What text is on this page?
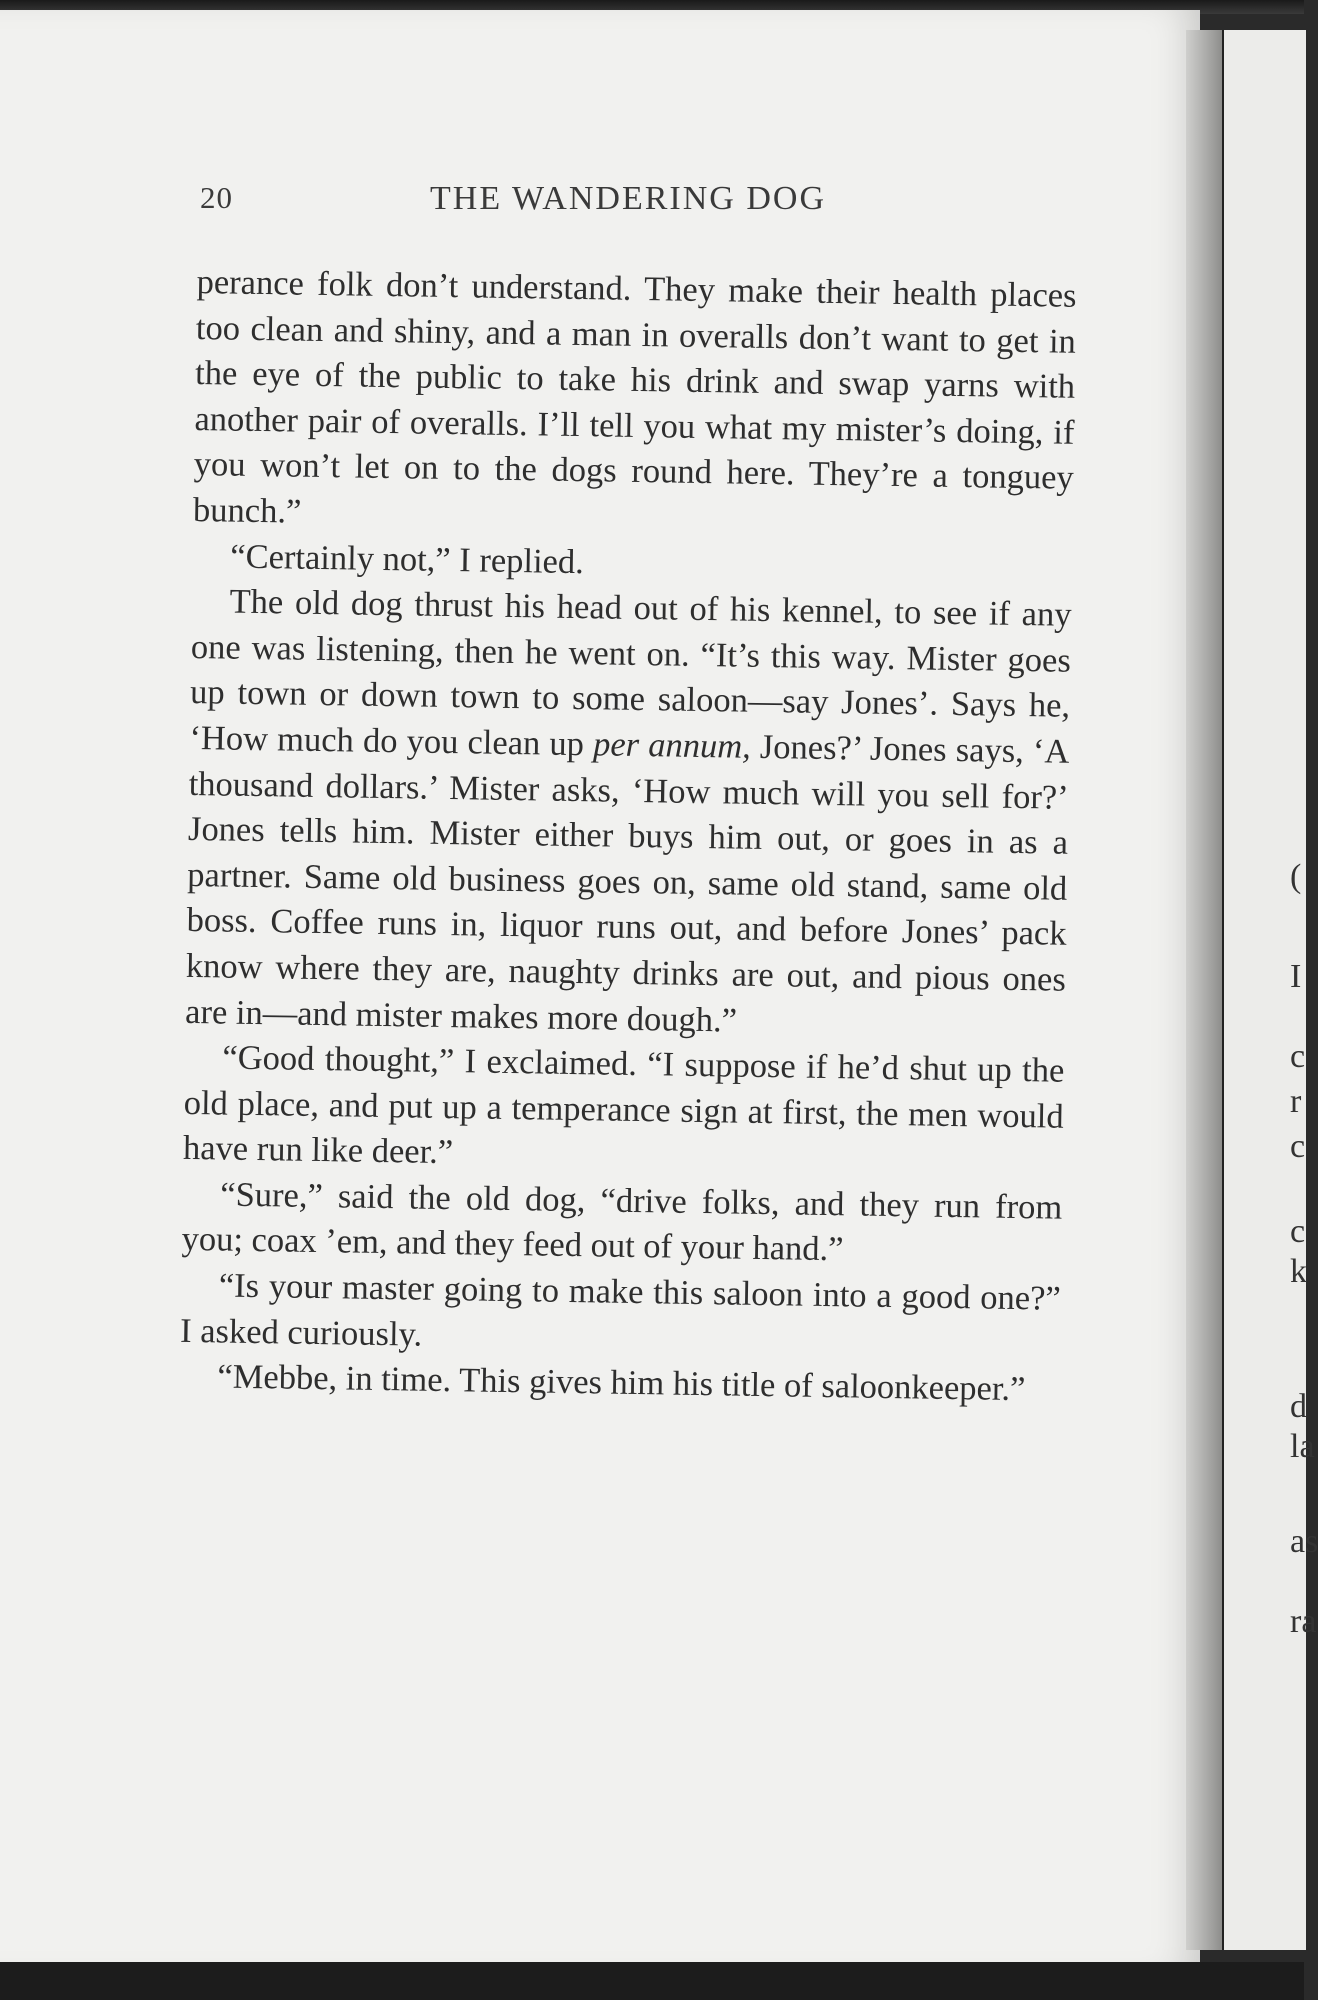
20	THE WANDERING DOG

perance folk don’t understand. They make their health places too clean and shiny, and a man in overalls don’t want to get in the eye of the public to take his drink and swap yarns with another pair of overalls. I’ll tell you what my mister’s doing, if you won’t let on to the dogs round here. They’re a tonguey bunch.”

“Certainly not,” I replied.

The old dog thrust his head out of his kennel, to see if any one was listening, then he went on. “It’s this way. Mister goes up town or down town to some saloon—say Jones’. Says he, ‘How much do you clean up per annum, Jones?’ Jones says, ‘A thousand dollars.’ Mister asks, ‘How much will you sell for?’ Jones tells him. Mister either buys him out, or goes in as a partner. Same old business goes on, same old stand, same old boss. Coffee runs in, liquor runs out, and before Jones’ pack know where they are, naughty drinks are out, and pious ones are in—and mister makes more dough.”

“Good thought,” I exclaimed. “I suppose if he’d shut up the old place, and put up a temperance sign at first, the men would have run like deer.”

“Sure,” said the old dog, “drive folks, and they run from you; coax ’em, and they feed out of your hand.”

“Is your master going to make this saloon into a good one?” I asked curiously.

“Mebbe, in time. This gives him his title of saloonkeeper.”

(
I
c
r
c
c
k
d
la
as
ra
